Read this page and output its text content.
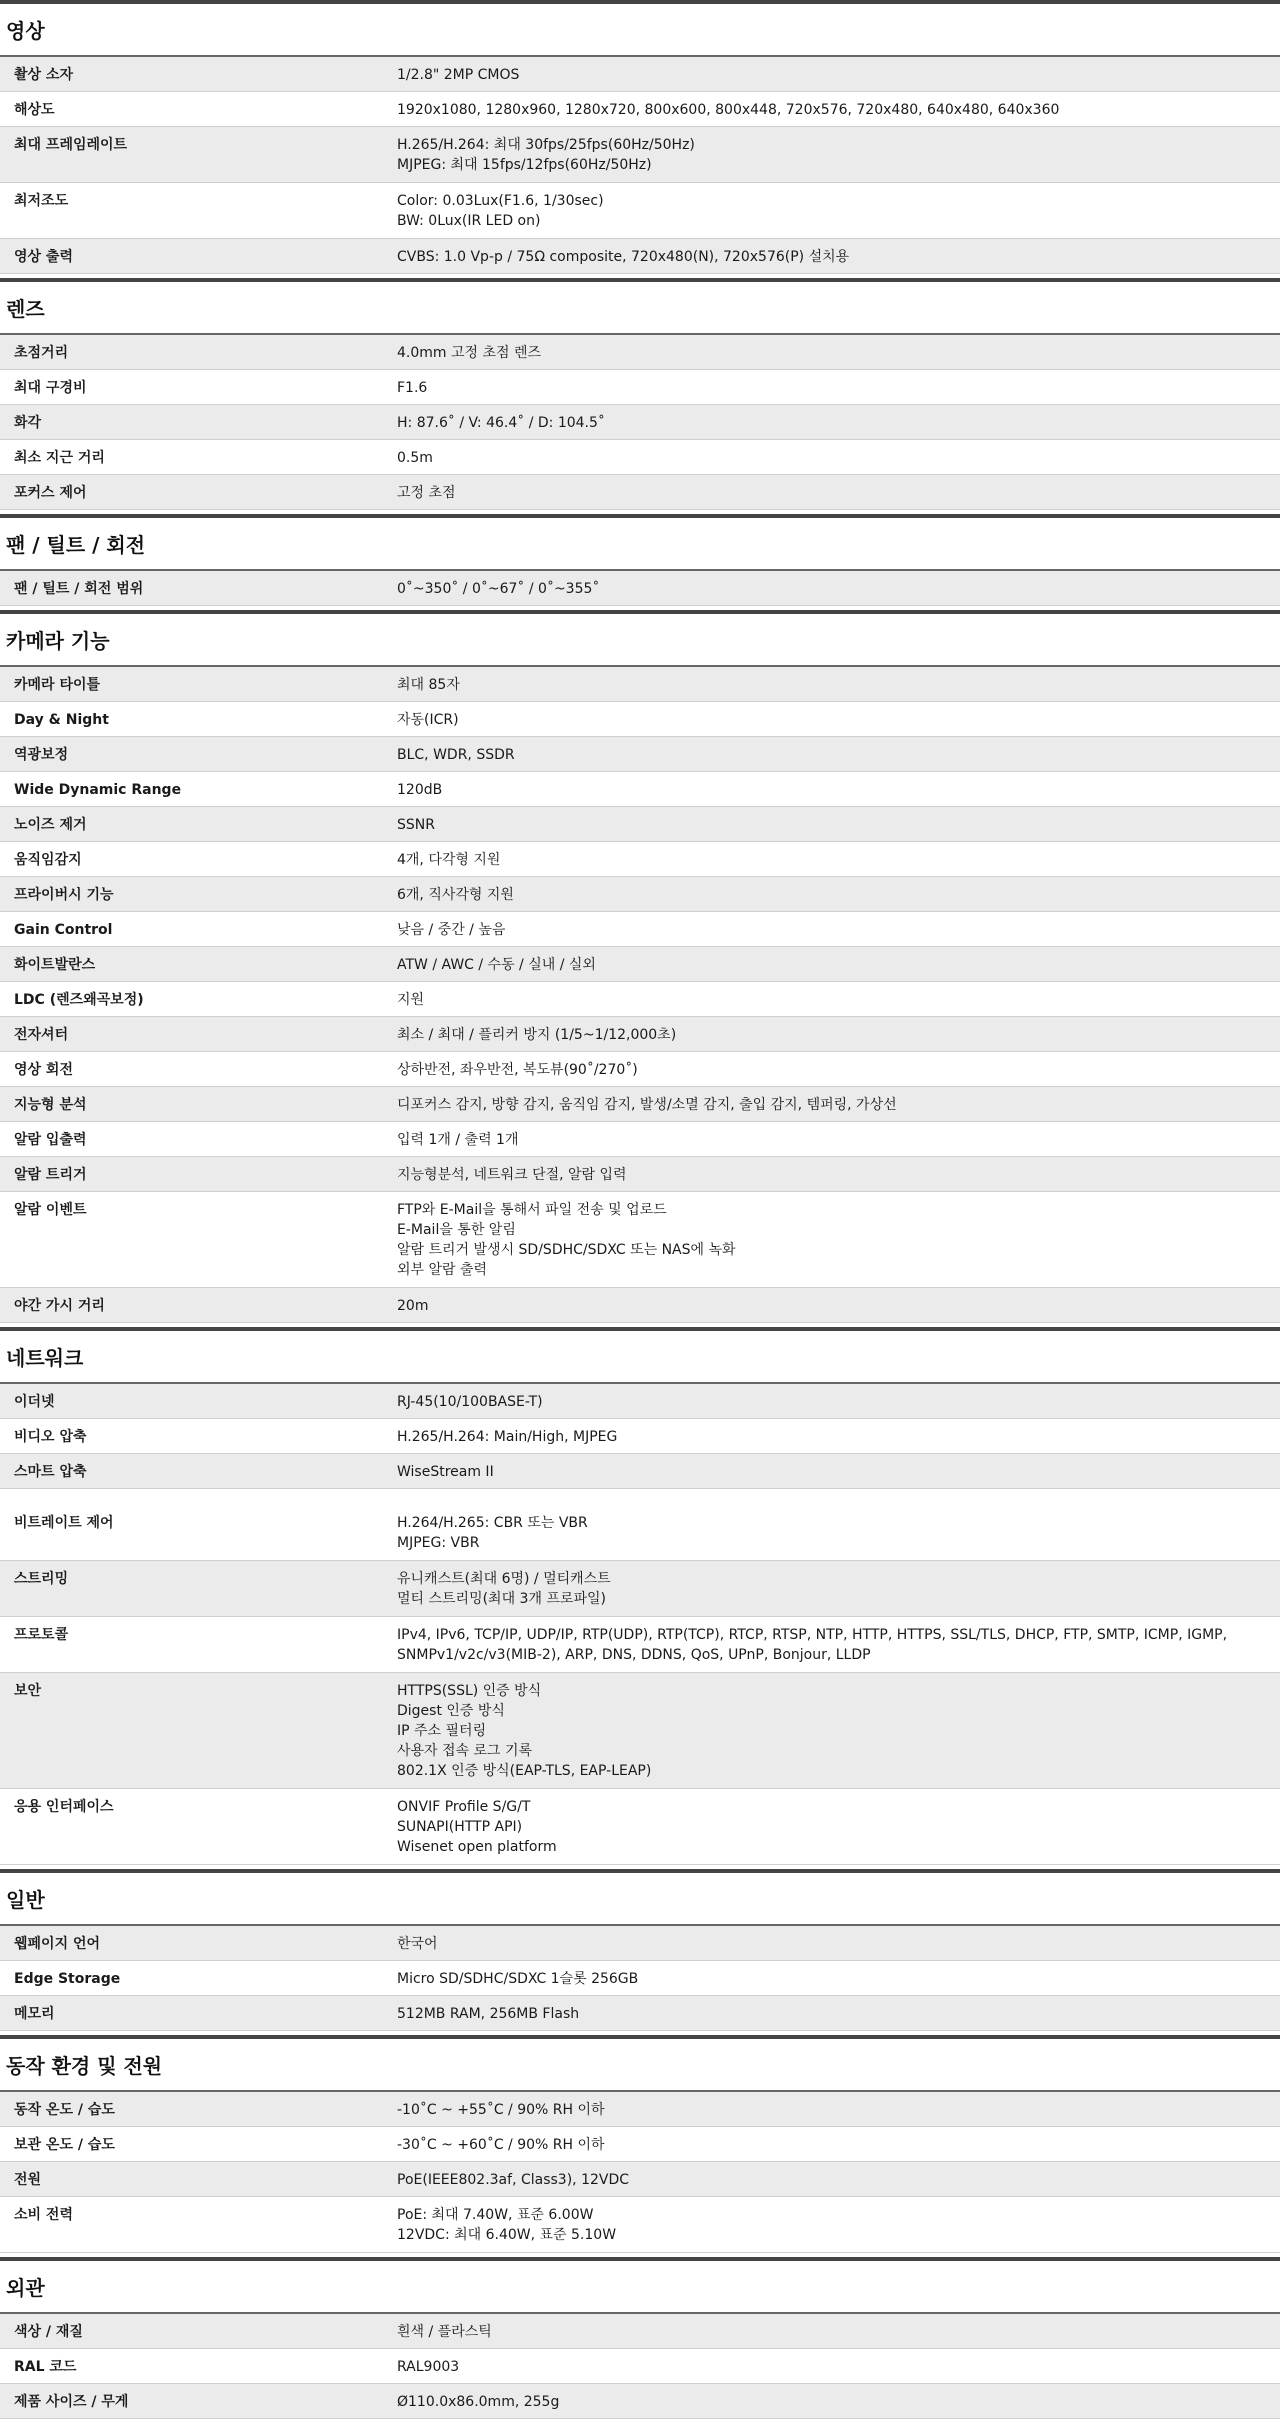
영상
촬상 소자	1/2.8" 2MP CMOS
해상도	1920x1080, 1280x960, 1280x720, 800x600, 800x448, 720x576, 720x480, 640x480, 640x360
최대 프레임레이트	H.265/H.264: 최대 30fps/25fps(60Hz/50Hz)
MJPEG: 최대 15fps/12fps(60Hz/50Hz)
최저조도	Color: 0.03Lux(F1.6, 1/30sec)
BW: 0Lux(IR LED on)
영상 출력	CVBS: 1.0 Vp-p / 75Ω composite, 720x480(N), 720x576(P) 설치용
렌즈
초점거리	4.0mm 고정 초점 렌즈
최대 구경비	F1.6
화각	H: 87.6˚ / V: 46.4˚ / D: 104.5˚
최소 지근 거리	0.5m
포커스 제어	고정 초점
팬 / 틸트 / 회전
팬 / 틸트 / 회전 범위	0˚~350˚ / 0˚~67˚ / 0˚~355˚
카메라 기능
카메라 타이틀	최대 85자
Day & Night	자동(ICR)
역광보정	BLC, WDR, SSDR
Wide Dynamic Range	120dB
노이즈 제거	SSNR
움직임감지	4개, 다각형 지원
프라이버시 기능	6개, 직사각형 지원
Gain Control	낮음 / 중간 / 높음
화이트발란스	ATW / AWC / 수동 / 실내 / 실외
LDC (렌즈왜곡보정)	지원
전자셔터	최소 / 최대 / 플리커 방지 (1/5~1/12,000초)
영상 회전	상하반전, 좌우반전, 복도뷰(90˚/270˚)
지능형 분석	디포커스 감지, 방향 감지, 움직임 감지, 발생/소멸 감지, 출입 감지, 템퍼링, 가상선
알람 입출력	입력 1개 / 출력 1개
알람 트리거	지능형분석, 네트워크 단절, 알람 입력
알람 이벤트	FTP와 E-Mail을 통해서 파일 전송 및 업로드
E-Mail을 통한 알림
알람 트리거 발생시 SD/SDHC/SDXC 또는 NAS에 녹화
외부 알람 출력
야간 가시 거리	20m
네트워크
이더넷	RJ-45(10/100BASE-T)
비디오 압축	H.265/H.264: Main/High, MJPEG
스마트 압축	WiseStream II
비트레이트 제어	H.264/H.265: CBR 또는 VBR
MJPEG: VBR
스트리밍	유니캐스트(최대 6명) / 멀티캐스트
멀티 스트리밍(최대 3개 프로파일)
프로토콜	IPv4, IPv6, TCP/IP, UDP/IP, RTP(UDP), RTP(TCP), RTCP, RTSP, NTP, HTTP, HTTPS, SSL/TLS, DHCP, FTP, SMTP, ICMP, IGMP,
SNMPv1/v2c/v3(MIB-2), ARP, DNS, DDNS, QoS, UPnP, Bonjour, LLDP
보안	HTTPS(SSL) 인증 방식
Digest 인증 방식
IP 주소 필터링
사용자 접속 로그 기록
802.1X 인증 방식(EAP-TLS, EAP-LEAP)
응용 인터페이스	ONVIF Profile S/G/T
SUNAPI(HTTP API)
Wisenet open platform
일반
웹페이지 언어	한국어
Edge Storage	Micro SD/SDHC/SDXC 1슬롯 256GB
메모리	512MB RAM, 256MB Flash
동작 환경 및 전원
동작 온도 / 습도	-10˚C ~ +55˚C / 90% RH 이하
보관 온도 / 습도	-30˚C ~ +60˚C / 90% RH 이하
전원	PoE(IEEE802.3af, Class3), 12VDC
소비 전력	PoE: 최대 7.40W, 표준 6.00W
12VDC: 최대 6.40W, 표준 5.10W
외관
색상 / 재질	흰색 / 플라스틱
RAL 코드	RAL9003
제품 사이즈 / 무게	Ø110.0x86.0mm, 255g
